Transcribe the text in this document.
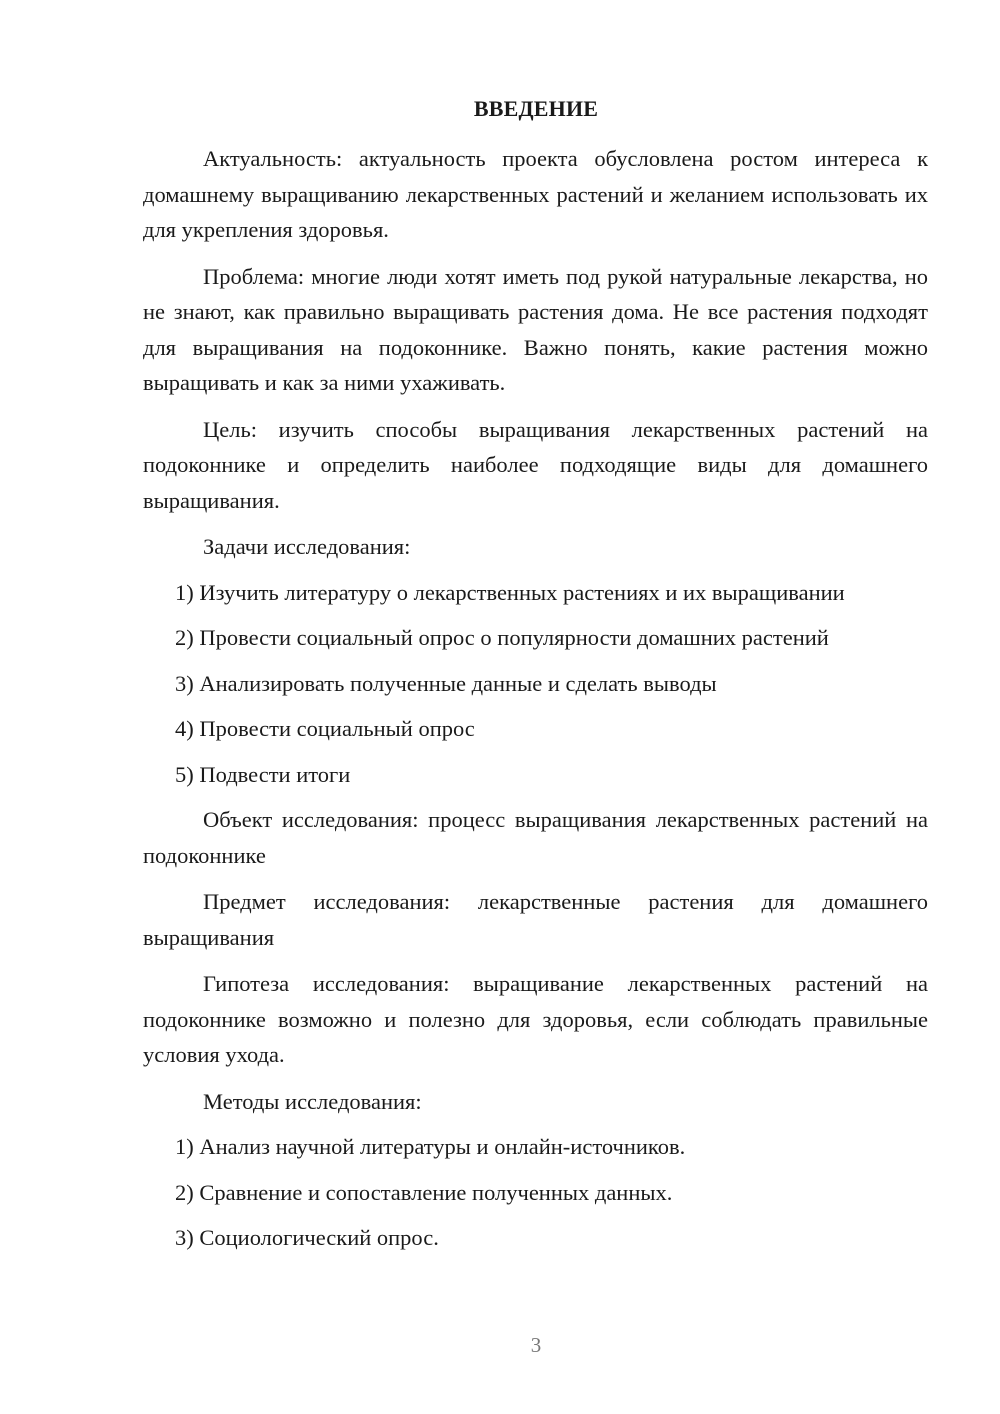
ВВЕДЕНИЕ

Актуальность: актуальность проекта обусловлена ростом интереса к домашнему выращиванию лекарственных растений и желанием использовать их для укрепления здоровья.

Проблема: многие люди хотят иметь под рукой натуральные лекарства, но не знают, как правильно выращивать растения дома. Не все растения подходят для выращивания на подоконнике. Важно понять, какие растения можно выращивать и как за ними ухаживать.

Цель: изучить способы выращивания лекарственных растений на подоконнике и определить наиболее подходящие виды для домашнего выращивания.

Задачи исследования:

1) Изучить литературу о лекарственных растениях и их выращивании

2) Провести социальный опрос о популярности домашних растений

3) Анализировать полученные данные и сделать выводы

4) Провести социальный опрос

5) Подвести итоги

Объект исследования: процесс выращивания лекарственных растений на подоконнике

Предмет исследования: лекарственные растения для домашнего выращивания

Гипотеза исследования: выращивание лекарственных растений на подоконнике возможно и полезно для здоровья, если соблюдать правильные условия ухода.

Методы исследования:

1) Анализ научной литературы и онлайн-источников.

2) Сравнение и сопоставление полученных данных.

3) Социологический опрос.

3
